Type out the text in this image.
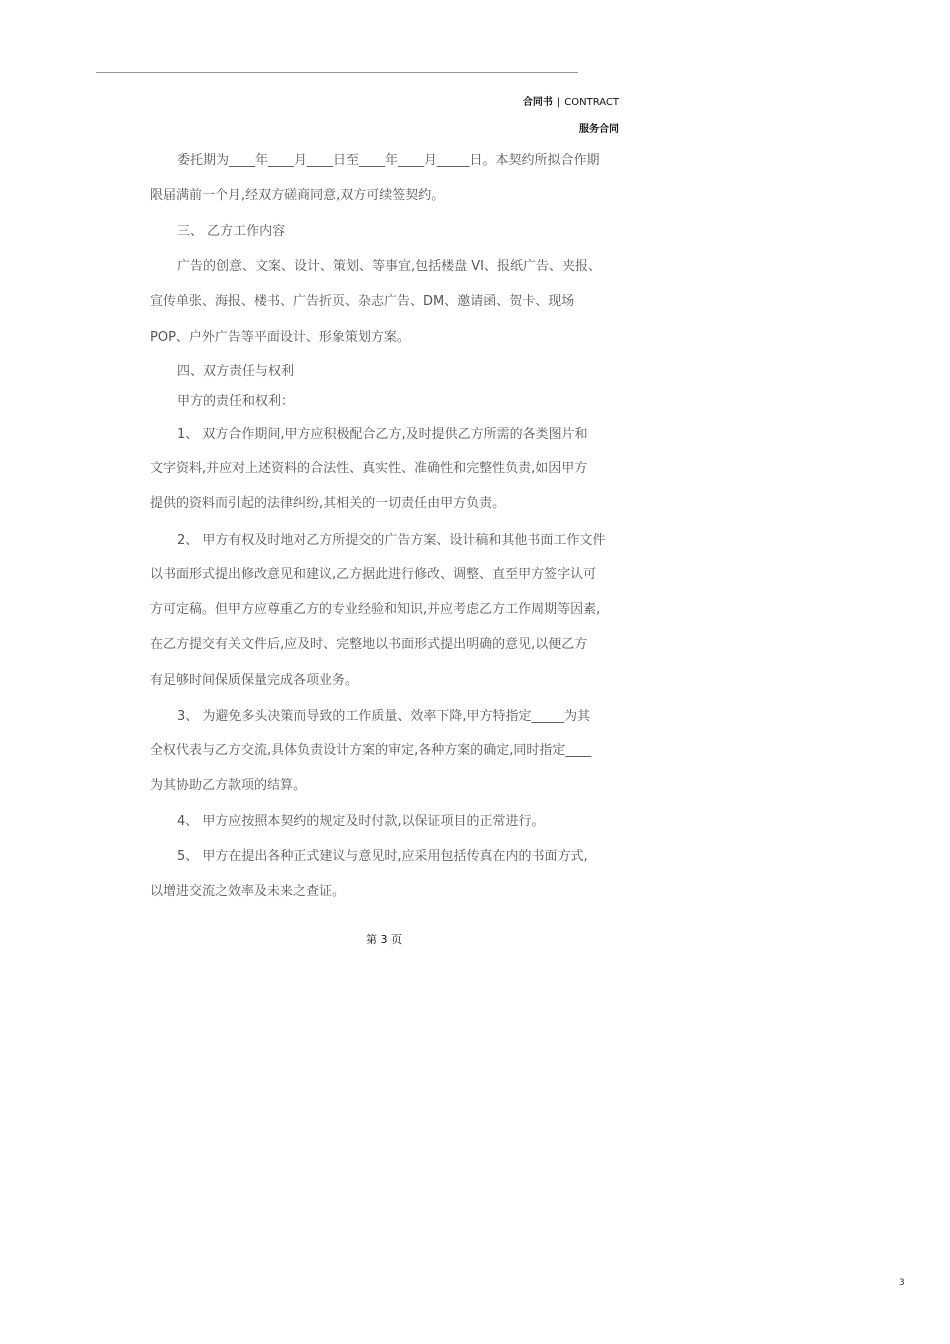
合同书 | CONTRACT
服务合同
委托期为____年____月____日至____年____月_____日。本契约所拟合作期
限届满前一个月,经双方磋商同意,双方可续签契约。
三、 乙方工作内容
广告的创意、文案、设计、策划、等事宜,包括楼盘 VI、报纸广告、夹报、
宣传单张、海报、楼书、广告折页、杂志广告、DM、邀请函、贺卡、现场
POP、户外广告等平面设计、形象策划方案。
四、双方责任与权利
甲方的责任和权利：
1、 双方合作期间,甲方应积极配合乙方,及时提供乙方所需的各类图片和
文字资料,并应对上述资料的合法性、真实性、准确性和完整性负责,如因甲方
提供的资料而引起的法律纠纷,其相关的一切责任由甲方负责。
2、 甲方有权及时地对乙方所提交的广告方案、设计稿和其他书面工作文件
以书面形式提出修改意见和建议,乙方据此进行修改、调整、直至甲方签字认可
方可定稿。但甲方应尊重乙方的专业经验和知识,并应考虑乙方工作周期等因素,
在乙方提交有关文件后,应及时、完整地以书面形式提出明确的意见,以便乙方
有足够时间保质保量完成各项业务。
3、 为避免多头决策而导致的工作质量、效率下降,甲方特指定_____为其
全权代表与乙方交流,具体负责设计方案的审定,各种方案的确定,同时指定____
为其协助乙方款项的结算。
4、 甲方应按照本契约的规定及时付款,以保证项目的正常进行。
5、 甲方在提出各种正式建议与意见时,应采用包括传真在内的书面方式,
以增进交流之效率及未来之查证。
第 3 页
3
